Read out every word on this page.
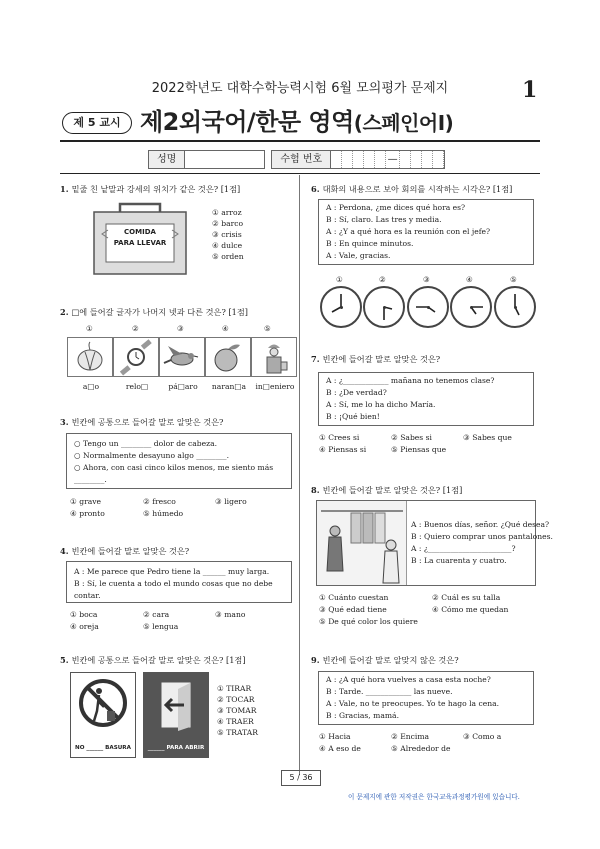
2022학년도 대학수학능력시험 6월 모의평가 문제지	1
제 5 교시 제2외국어/한문 영역(스페인어Ⅰ)
성명	수험 번호	—
1. 밑줄 친 낱말과 강세의 위치가 같은 것은? [1점]
COMIDA
PARA LLEVAR
① arroz
② barco
③ crisis
④ dulce
⑤ orden
2. □에 들어갈 글자가 나머지 넷과 다른 것은? [1점]
①	②	③	④	⑤
a□o	relo□	pá□aro	naran□a	in□eniero
3. 빈칸에 공통으로 들어갈 말로 알맞은 것은?
○ Tengo un ________ dolor de cabeza.
○ Normalmente desayuno algo ________.
○ Ahora, con casi cinco kilos menos, me siento más ________.
① grave	② fresco	③ ligero
④ pronto	⑤ húmedo
4. 빈칸에 들어갈 말로 알맞은 것은?
A : Me parece que Pedro tiene la ______ muy larga.
B : Sí, le cuenta a todo el mundo cosas que no debe contar.
① boca	② cara	③ mano
④ oreja	⑤ lengua
5. 빈칸에 공통으로 들어갈 말로 알맞은 것은? [1점]
NO ______ BASURA	______ PARA ABRIR
① TIRAR
② TOCAR
③ TOMAR
④ TRAER
⑤ TRATAR
6. 대화의 내용으로 보아 회의를 시작하는 시각은? [1점]
A : Perdona, ¿me dices qué hora es?
B : Sí, claro. Las tres y media.
A : ¿Y a qué hora es la reunión con el jefe?
B : En quince minutos.
A : Vale, gracias.
①	②	③	④	⑤
7. 빈칸에 들어갈 말로 알맞은 것은?
A : ¿____________ mañana no tenemos clase?
B : ¿De verdad?
A : Sí, me lo ha dicho María.
B : ¡Qué bien!
① Crees si	② Sabes si	③ Sabes que
④ Piensas si	⑤ Piensas que
8. 빈칸에 들어갈 말로 알맞은 것은? [1점]
A : Buenos días, señor. ¿Qué desea?
B : Quiero comprar unos pantalones.
A : ¿______________________?
B : La cuarenta y cuatro.
① Cuánto cuestan	② Cuál es su talla
③ Qué edad tiene	④ Cómo me quedan
⑤ De qué color los quiere
9. 빈칸에 들어갈 말로 알맞지 않은 것은?
A : ¿A qué hora vuelves a casa esta noche?
B : Tarde. ____________ las nueve.
A : Vale, no te preocupes. Yo te hago la cena.
B : Gracias, mamá.
① Hacia	② Encima	③ Como a
④ A eso de	⑤ Alrededor de
5 / 36
이 문제지에 관한 저작권은 한국교육과정평가원에 있습니다.
